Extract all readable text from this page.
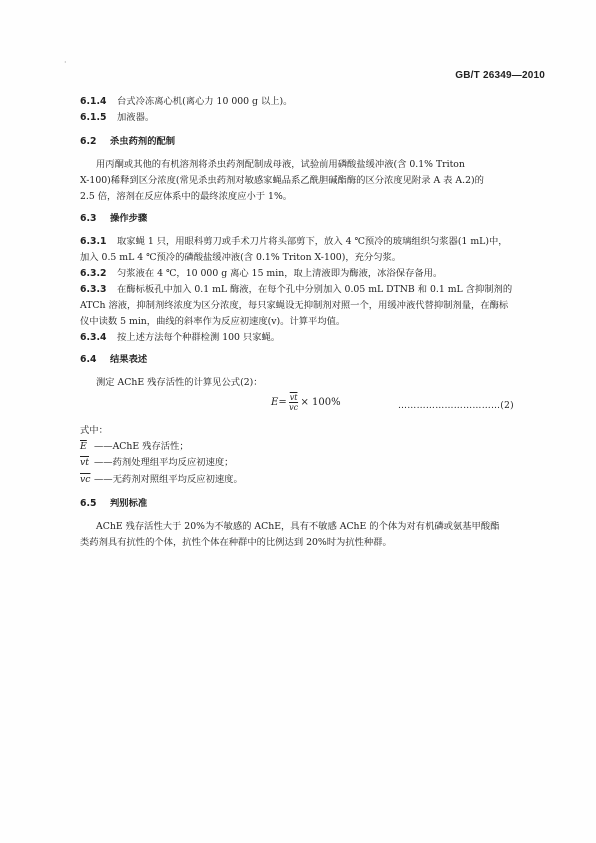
·
GB/T 26349—2010
6.1.4 台式冷冻离心机(离心力 10 000 g 以上)。
6.1.5 加液器。
6.2 杀虫药剂的配制
用丙酮或其他的有机溶剂将杀虫药剂配制成母液，试验前用磷酸盐缓冲液(含 0.1% Triton
X-100)稀释到区分浓度(常见杀虫药剂对敏感家蝇品系乙酰胆碱酯酶的区分浓度见附录 A 表 A.2)的
2.5 倍，溶剂在反应体系中的最终浓度应小于 1%。
6.3 操作步骤
6.3.1 取家蝇 1 只，用眼科剪刀或手术刀片将头部剪下，放入 4 ℃预冷的玻璃组织匀浆器(1 mL)中，
加入 0.5 mL 4 ℃预冷的磷酸盐缓冲液(含 0.1% Triton X-100)，充分匀浆。
6.3.2 匀浆液在 4 ℃，10 000 g 离心 15 min，取上清液即为酶液，冰浴保存备用。
6.3.3 在酶标板孔中加入 0.1 mL 酶液，在每个孔中分别加入 0.05 mL DTNB 和 0.1 mL 含抑制剂的
ATCh 溶液，抑制剂终浓度为区分浓度，每只家蝇设无抑制剂对照一个，用缓冲液代替抑制剂量，在酶标
仪中读数 5 min，曲线的斜率作为反应初速度(v)。计算平均值。
6.3.4 按上述方法每个种群检测 100 只家蝇。
6.4 结果表述
测定 AChE 残存活性的计算见公式(2)：
$E= \frac{\overline{vt}}{vc} \times 100\%$	……………………………(2)
式中：
$\overline{E}$ ——AChE 残存活性；
$\overline{vt}$ ——药剂处理组平均反应初速度；
$\overline{vc}$ ——无药剂对照组平均反应初速度。
6.5 判别标准
AChE 残存活性大于 20%为不敏感的 AChE，具有不敏感 AChE 的个体为对有机磷或氨基甲酸酯
类药剂具有抗性的个体，抗性个体在种群中的比例达到 20%时为抗性种群。
